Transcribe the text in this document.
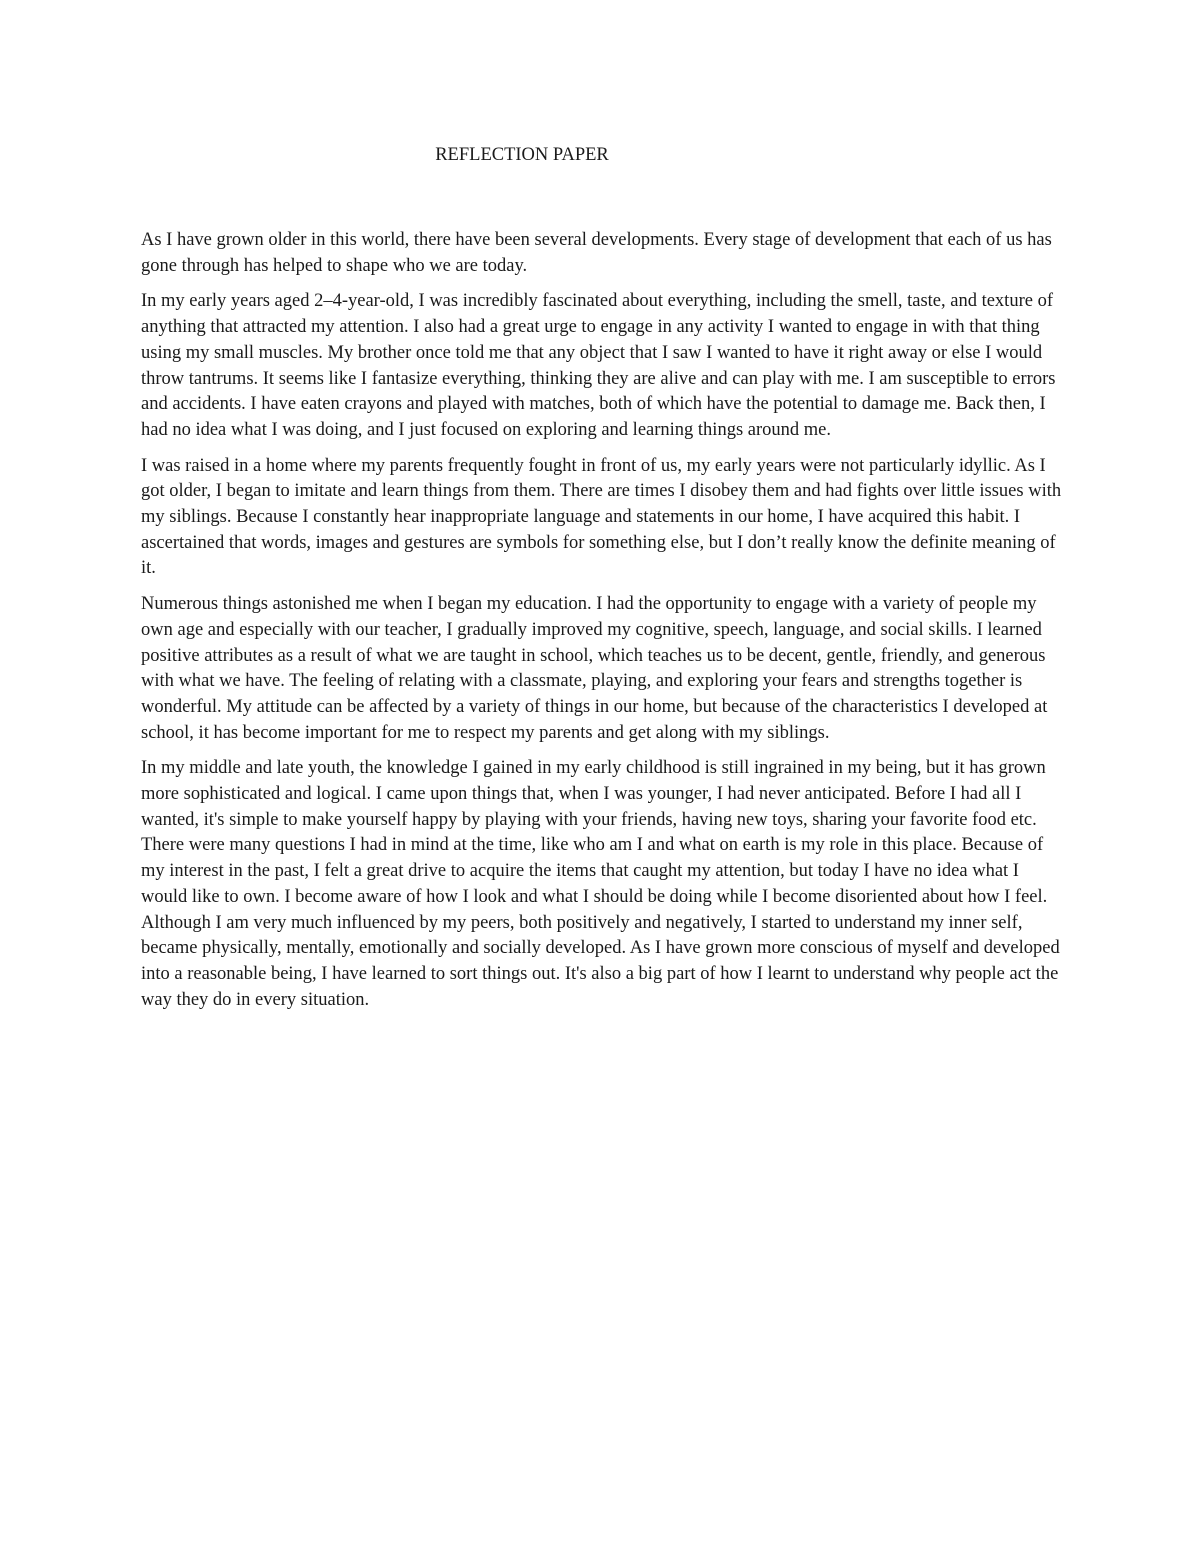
REFLECTION PAPER

As I have grown older in this world, there have been several developments. Every stage of development that each of us has gone through has helped to shape who we are today.

In my early years aged 2–4-year-old, I was incredibly fascinated about everything, including the smell, taste, and texture of anything that attracted my attention. I also had a great urge to engage in any activity I wanted to engage in with that thing using my small muscles. My brother once told me that any object that I saw I wanted to have it right away or else I would throw tantrums. It seems like I fantasize everything, thinking they are alive and can play with me. I am susceptible to errors and accidents. I have eaten crayons and played with matches, both of which have the potential to damage me. Back then, I had no idea what I was doing, and I just focused on exploring and learning things around me.

I was raised in a home where my parents frequently fought in front of us, my early years were not particularly idyllic. As I got older, I began to imitate and learn things from them. There are times I disobey them and had fights over little issues with my siblings. Because I constantly hear inappropriate language and statements in our home, I have acquired this habit. I ascertained that words, images and gestures are symbols for something else, but I don’t really know the definite meaning of it.

Numerous things astonished me when I began my education. I had the opportunity to engage with a variety of people my own age and especially with our teacher, I gradually improved my cognitive, speech, language, and social skills. I learned positive attributes as a result of what we are taught in school, which teaches us to be decent, gentle, friendly, and generous with what we have. The feeling of relating with a classmate, playing, and exploring your fears and strengths together is wonderful. My attitude can be affected by a variety of things in our home, but because of the characteristics I developed at school, it has become important for me to respect my parents and get along with my siblings.

In my middle and late youth, the knowledge I gained in my early childhood is still ingrained in my being, but it has grown more sophisticated and logical. I came upon things that, when I was younger, I had never anticipated. Before I had all I wanted, it's simple to make yourself happy by playing with your friends, having new toys, sharing your favorite food etc. There were many questions I had in mind at the time, like who am I and what on earth is my role in this place. Because of my interest in the past, I felt a great drive to acquire the items that caught my attention, but today I have no idea what I would like to own. I become aware of how I look and what I should be doing while I become disoriented about how I feel. Although I am very much influenced by my peers, both positively and negatively, I started to understand my inner self, became physically, mentally, emotionally and socially developed. As I have grown more conscious of myself and developed into a reasonable being, I have learned to sort things out. It's also a big part of how I learnt to understand why people act the way they do in every situation.
